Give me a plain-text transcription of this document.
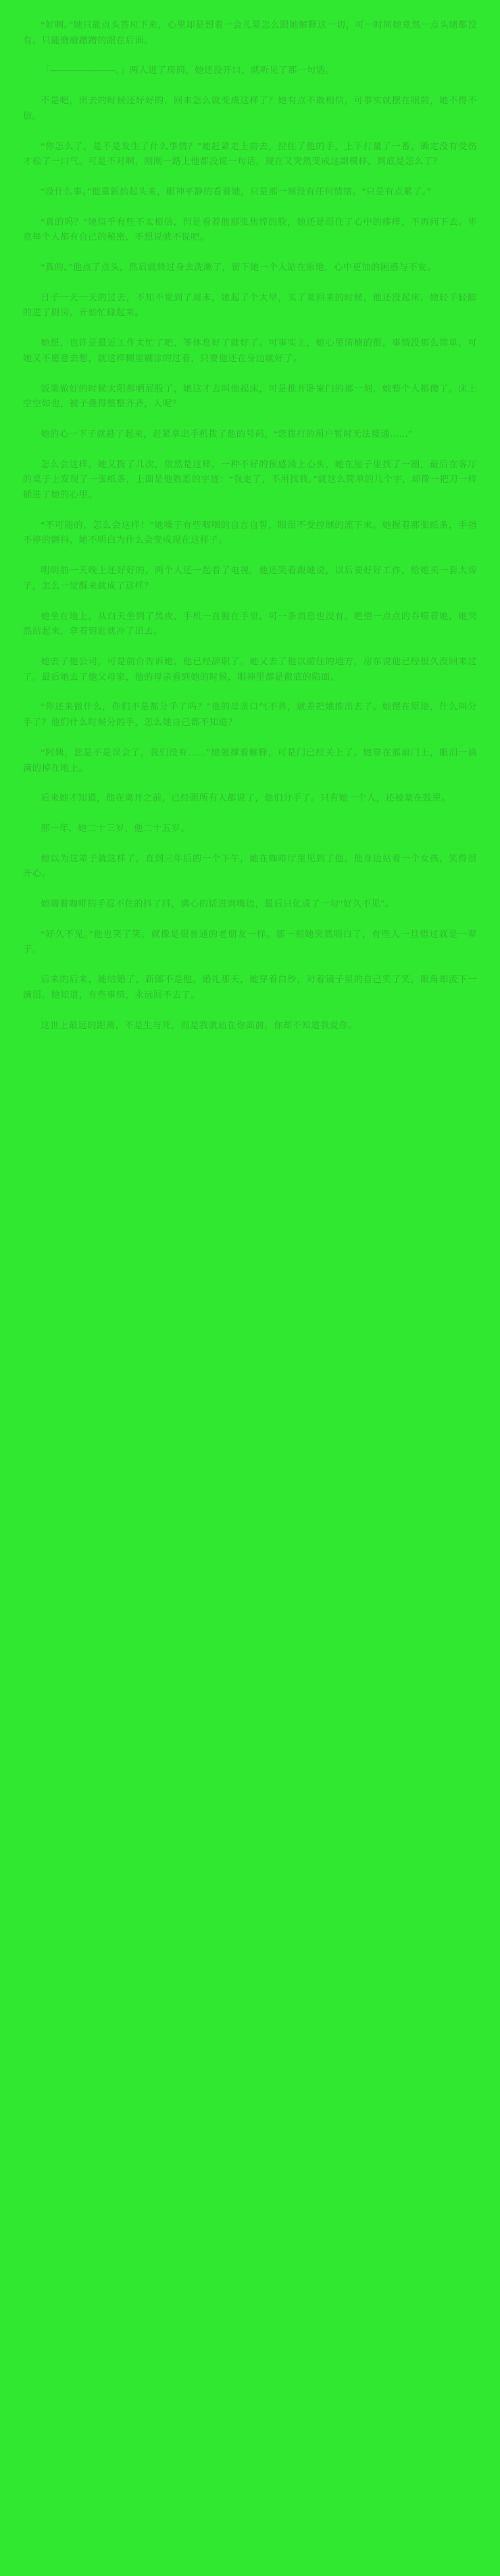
“好啊。”她只能点头答应下来，心里却是想着一会儿要怎么跟她解释这一切，可一时间她竟然一点头绪都没有，只能磨磨蹭蹭的跟在后面。

「———————。」两人进了房间，她还没开口，就听见了那一句话。

不是吧，出去的时候还好好的，回来怎么就变成这样了？她有点不敢相信，可事实就摆在眼前，她不得不信。

“你怎么了，是不是发生了什么事情？”她赶紧走上前去，拉住了他的手，上下打量了一番，确定没有受伤才松了一口气。可是不对啊，刚刚一路上他都没说一句话，现在又突然变成这副模样，到底是怎么了？

“没什么事。”他重新抬起头来，眼神平静的看着她，只是那一刻没有任何情绪。“只是有点累了。”

“真的吗？”她似乎有些不太相信，但是看着他那张焦悴的脸，她还是忍住了心中的痑痒，不再问下去。毕竟每个人都有自己的秘密，不想说就不说吧。

“真的。”他点了点头，然后就转过身去洗漱了，留下她一个人站在原地，心中更加的困惑与不安。

日子一天一天的过去，不知不觉到了周末，她起了个大早，买了菜回来的时候，他还没起床，她轻手轻脚的进了厨房，开始忙碌起来。

她想，也许是最近工作太忙了吧，等休息好了就好了。可事实上，她心里清楠的很，事情没那么简单，可她又不愿意去想，就这样糊里糊涂的过着，只要他还在身边就好了。

饭菜做好的时候太阳都晒屁股了，她这才去叫他起床，可是推开卧室门的那一刻，她整个人都傻了。床上空空如也，被子叠得整整齐齐，人呢？

她的心一下子就悬了起来，赶紧拿出手机拨了他的号码，“您拨打的用户暂时无法接通……”

怎么会这样，她又拨了几次，依然是这样。一种不好的预感涌上心头，她在屋子里找了一圈，最后在客厅的桌子上发现了一张纸条，上面是他熟悉的字迹：“我走了，不用找我。”就这么简单的几个字，却像一把刀一样插进了她的心里。

“不可能的，怎么会这样！”她嗓子有些咽咽的自言自誓，眼泪不受控制的流下来。她握着那张纸条，手指不停的颤抖，她不明白为什么会变成现在这样子。

明明前一天晚上还好好的，两个人还一起看了电视，他还笑着跟她说，以后要好好工作，给她买一套大房子，怎么一觉醒来就成了这样？

她坐在地上，从白天坐到了黑夜，手机一直握在手里，可一条消息也没有。绝望一点点的吞噬着她，她突然站起来，拿着钥匙就冲了出去。

她去了他公司，可是前台告诉她，他已经辞职了。她又去了他以前住的地方，房东说他已经很久没回来过了。最后她去了他父母家，他的母亲看到她的时候，眼神里都是徹底的陷面。

“你还来做什么，你们不是都分手了吗？”他的母亲口气不善，就差把她推出去了。她愣在原地，什么叫分手了？他们什么时候分的手，怎么她自己都不知道？

“阿姨，您是不是误会了，我们没有……”她强撑着解释，可是门已经关上了。她靠在那扇门上，眼泪一滴滴的掉在地上。

后来她才知道，他在离开之前，已经跟所有人都说了，他们分手了。只有她一个人，还被蒙在鼓里。

那一年，她二十三岁，他二十五岁。

她以为这辈子就这样了，直到三年后的一个下午，她在咖啡厅里见到了他。他身边站着一个女孩，笑得很开心。

她端着咖啡的手忍不住的抖了抖，满心的话进到嘴边，最后只化成了一句“好久不见”。

“好久不见。”他也笑了笑，就像是很普通的老朋友一样。那一刻她突然明白了，有些人一旦错过就是一辈子。

后来的后来，她结婚了，新郎不是他。婚礼那天，她穿着白纱，对着镜子里的自己笑了笑，眼角却流下一滴泪。她知道，有些事情，永远回不去了。

这世上最远的距离，不是生与死，而是我就站在你面前，你却不知道我爱你。
